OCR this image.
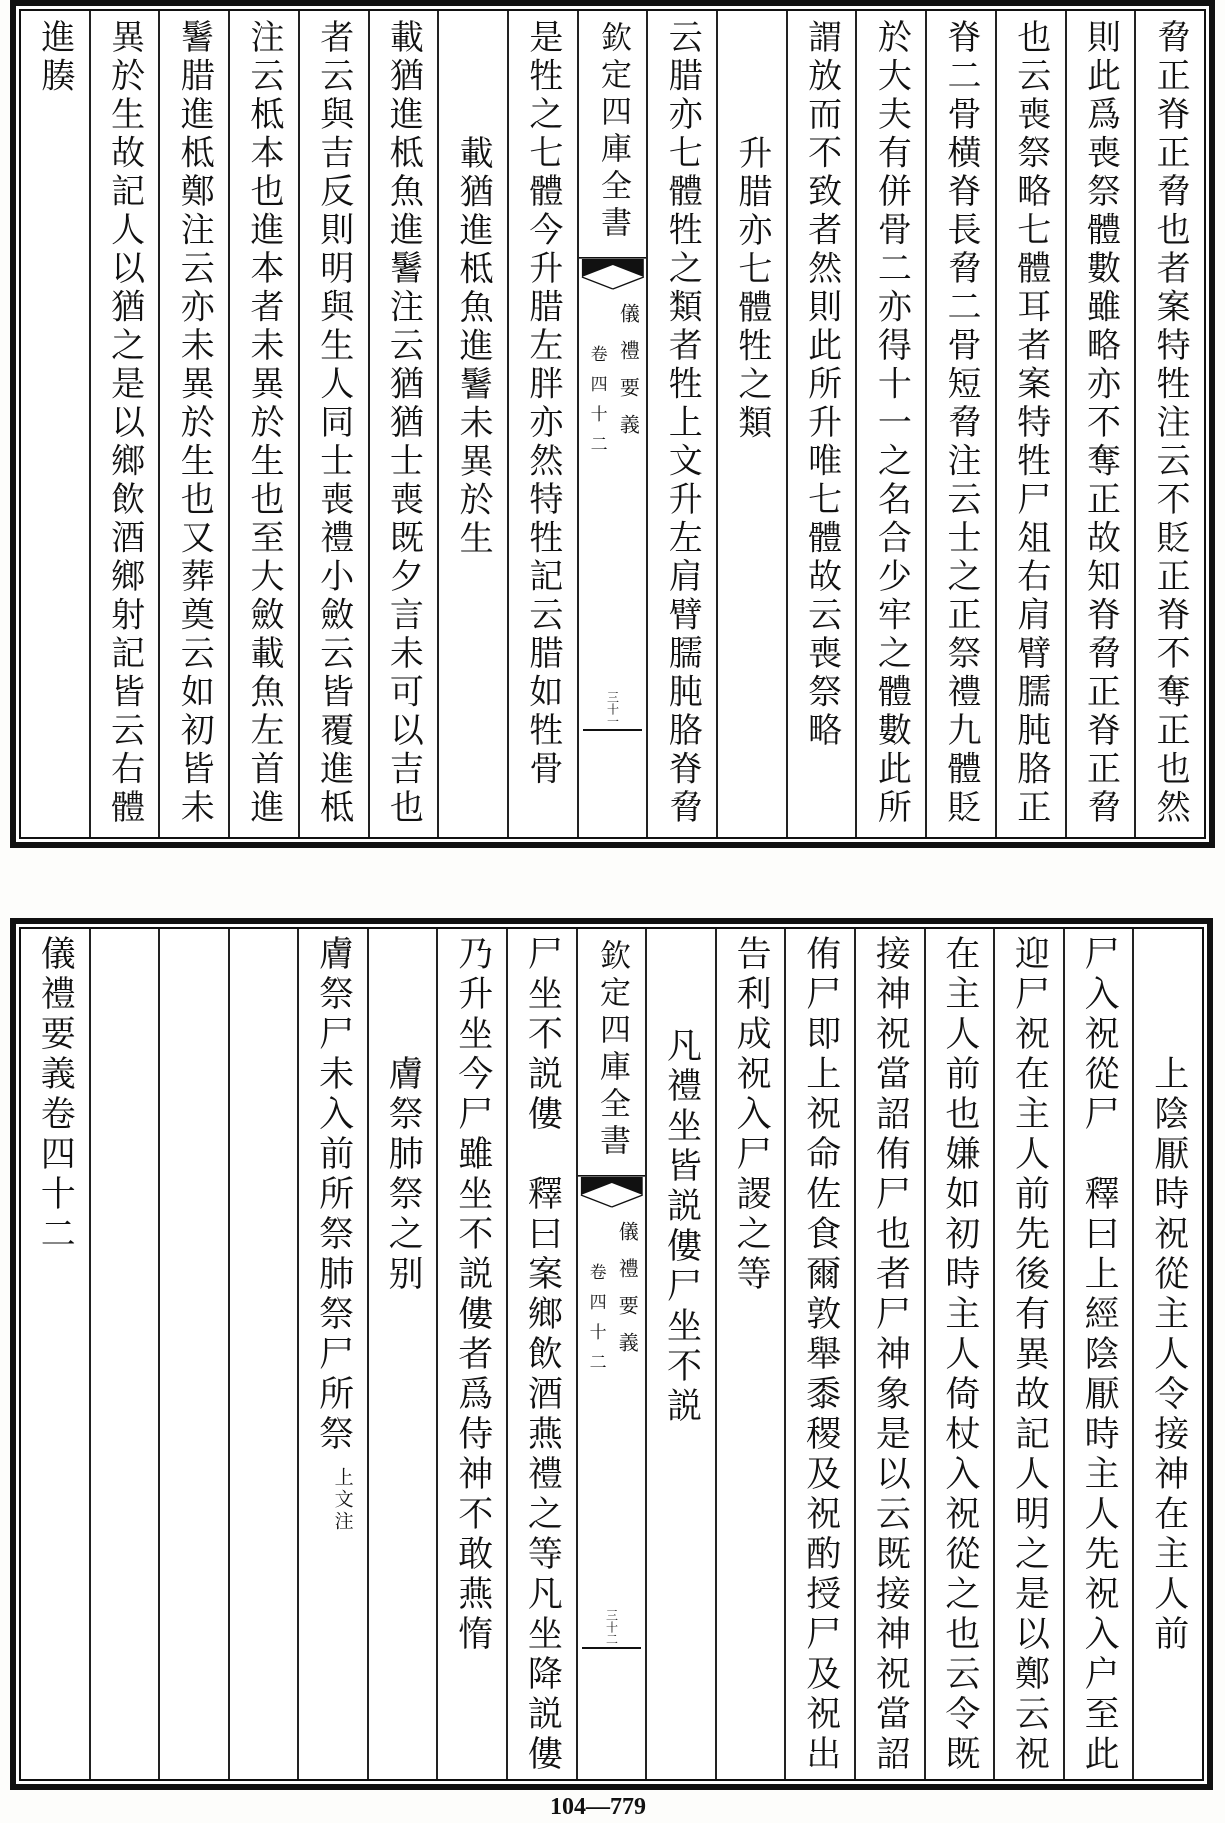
脅正脊正脅也者案特牲注云不貶正脊不奪正也然
則此爲喪祭體數雖略亦不奪正故知脊脅正脊正脅
也云喪祭略七體耳者案特牲尸俎右肩臂臑肫胳正
脊二骨横脊長脅二骨短脅注云士之正祭禮九體貶
於大夫有併骨二亦得十一之名合少牢之體數此所
謂放而不致者然則此所升唯七體故云喪祭略
升腊亦七體牲之類
云腊亦七體牲之類者牲上文升左肩臂臑肫胳脊脅
欽定四庫全書
儀禮要義
卷四十二
三十一
是牲之七體今升腊左胖亦然特牲記云腊如牲骨
載猶進柢魚進鬐未異於生
載猶進柢魚進鬐注云猶猶士喪既夕言未可以吉也
者云與吉反則明與生人同士喪禮小斂云皆覆進柢
注云柢本也進本者未異於生也至大斂載魚左首進
鬐腊進柢鄭注云亦未異於生也又葬奠云如初皆未
異於生故記人以猶之是以鄉飲酒鄉射記皆云右體
進腠
上陰厭時祝從主人令接神在主人前
尸入祝從尸　釋曰上經陰厭時主人先祝入户至此
迎尸祝在主人前先後有異故記人明之是以鄭云祝
在主人前也嫌如初時主人倚杖入祝從之也云令既
接神祝當詔侑尸也者尸神象是以云既接神祝當詔
侑尸即上祝命佐食爾敦舉黍稷及祝酌授尸及祝出
告利成祝入尸謖之等
凡禮坐皆説僂尸坐不説
欽定四庫全書
儀禮要義
卷四十二
三十二
尸坐不説僂　釋曰案鄉飲酒燕禮之等凡坐降説僂
乃升坐今尸雖坐不説僂者爲侍神不敢燕惰
膚祭肺祭之别
膚祭尸未入前所祭肺祭尸所祭上文注
儀禮要義卷四十二
104—779
